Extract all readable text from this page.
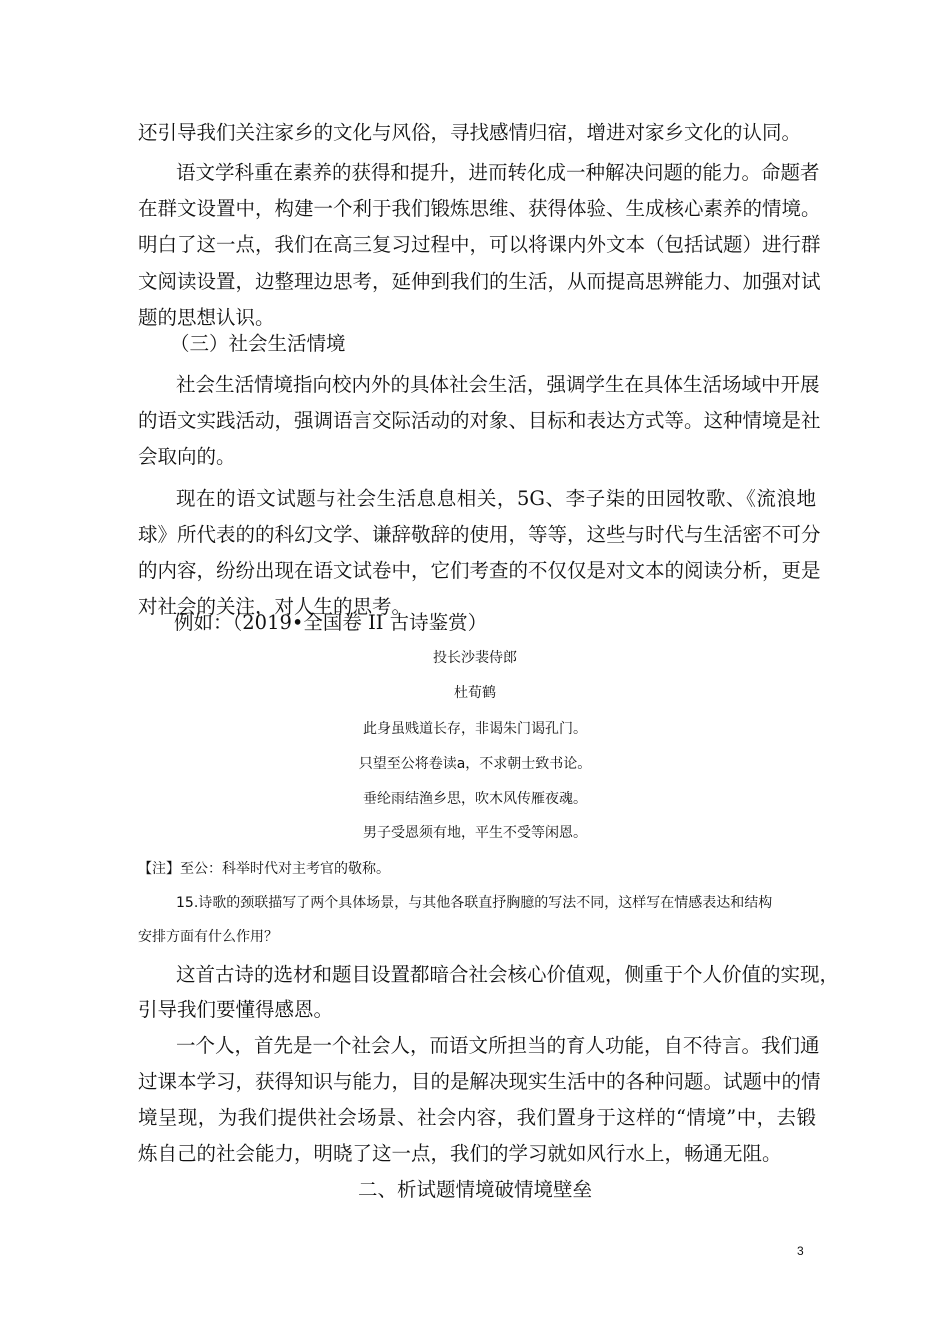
还引导我们关注家乡的文化与风俗，寻找感情归宿，增进对家乡文化的认同。
语文学科重在素养的获得和提升，进而转化成一种解决问题的能力。命题者
在群文设置中，构建一个利于我们锻炼思维、获得体验、生成核心素养的情境。
明白了这一点，我们在高三复习过程中，可以将课内外文本（包括试题）进行群
文阅读设置，边整理边思考，延伸到我们的生活，从而提高思辨能力、加强对试
题的思想认识。
（三）社会生活情境
社会生活情境指向校内外的具体社会生活，强调学生在具体生活场域中开展
的语文实践活动，强调语言交际活动的对象、目标和表达方式等。这种情境是社
会取向的。
现在的语文试题与社会生活息息相关，5G、李子柒的田园牧歌、《流浪地
球》所代表的的科幻文学、谦辞敬辞的使用，等等，这些与时代与生活密不可分
的内容，纷纷出现在语文试卷中，它们考查的不仅仅是对文本的阅读分析，更是
对社会的关注，对人生的思考。
例如：（2019•全国卷 II 古诗鉴赏）
投长沙裴侍郎
杜荀鹤
此身虽贱道长存，非谒朱门谒孔门。
只望至公将卷读a，不求朝士致书论。
垂纶雨结渔乡思，吹木风传雁夜魂。
男子受恩须有地，平生不受等闲恩。
【注】至公：科举时代对主考官的敬称。
15.诗歌的颈联描写了两个具体场景，与其他各联直抒胸臆的写法不同，这样写在情感表达和结构
安排方面有什么作用？
这首古诗的选材和题目设置都暗合社会核心价值观，侧重于个人价值的实现，
引导我们要懂得感恩。
一个人，首先是一个社会人，而语文所担当的育人功能，自不待言。我们通
过课本学习，获得知识与能力，目的是解决现实生活中的各种问题。试题中的情
境呈现，为我们提供社会场景、社会内容，我们置身于这样的“情境”中，去锻
炼自己的社会能力，明晓了这一点，我们的学习就如风行水上，畅通无阻。
二、析试题情境破情境壁垒
3
